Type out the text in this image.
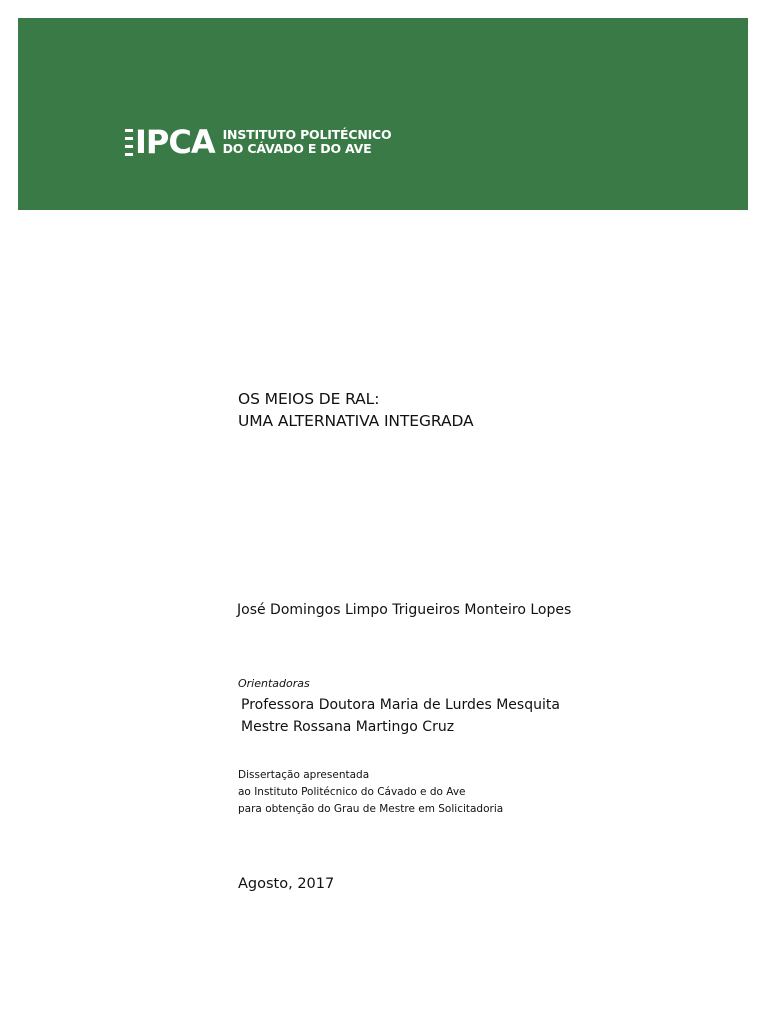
IPCA INSTITUTO POLITÉCNICO
DO CÁVADO E DO AVE
OS MEIOS DE RAL:
UMA ALTERNATIVA INTEGRADA
José Domingos Limpo Trigueiros Monteiro Lopes
Orientadoras
Professora Doutora Maria de Lurdes Mesquita
Mestre Rossana Martingo Cruz
Dissertação apresentada
ao Instituto Politécnico do Cávado e do Ave
para obtenção do Grau de Mestre em Solicitadoria
Agosto, 2017
